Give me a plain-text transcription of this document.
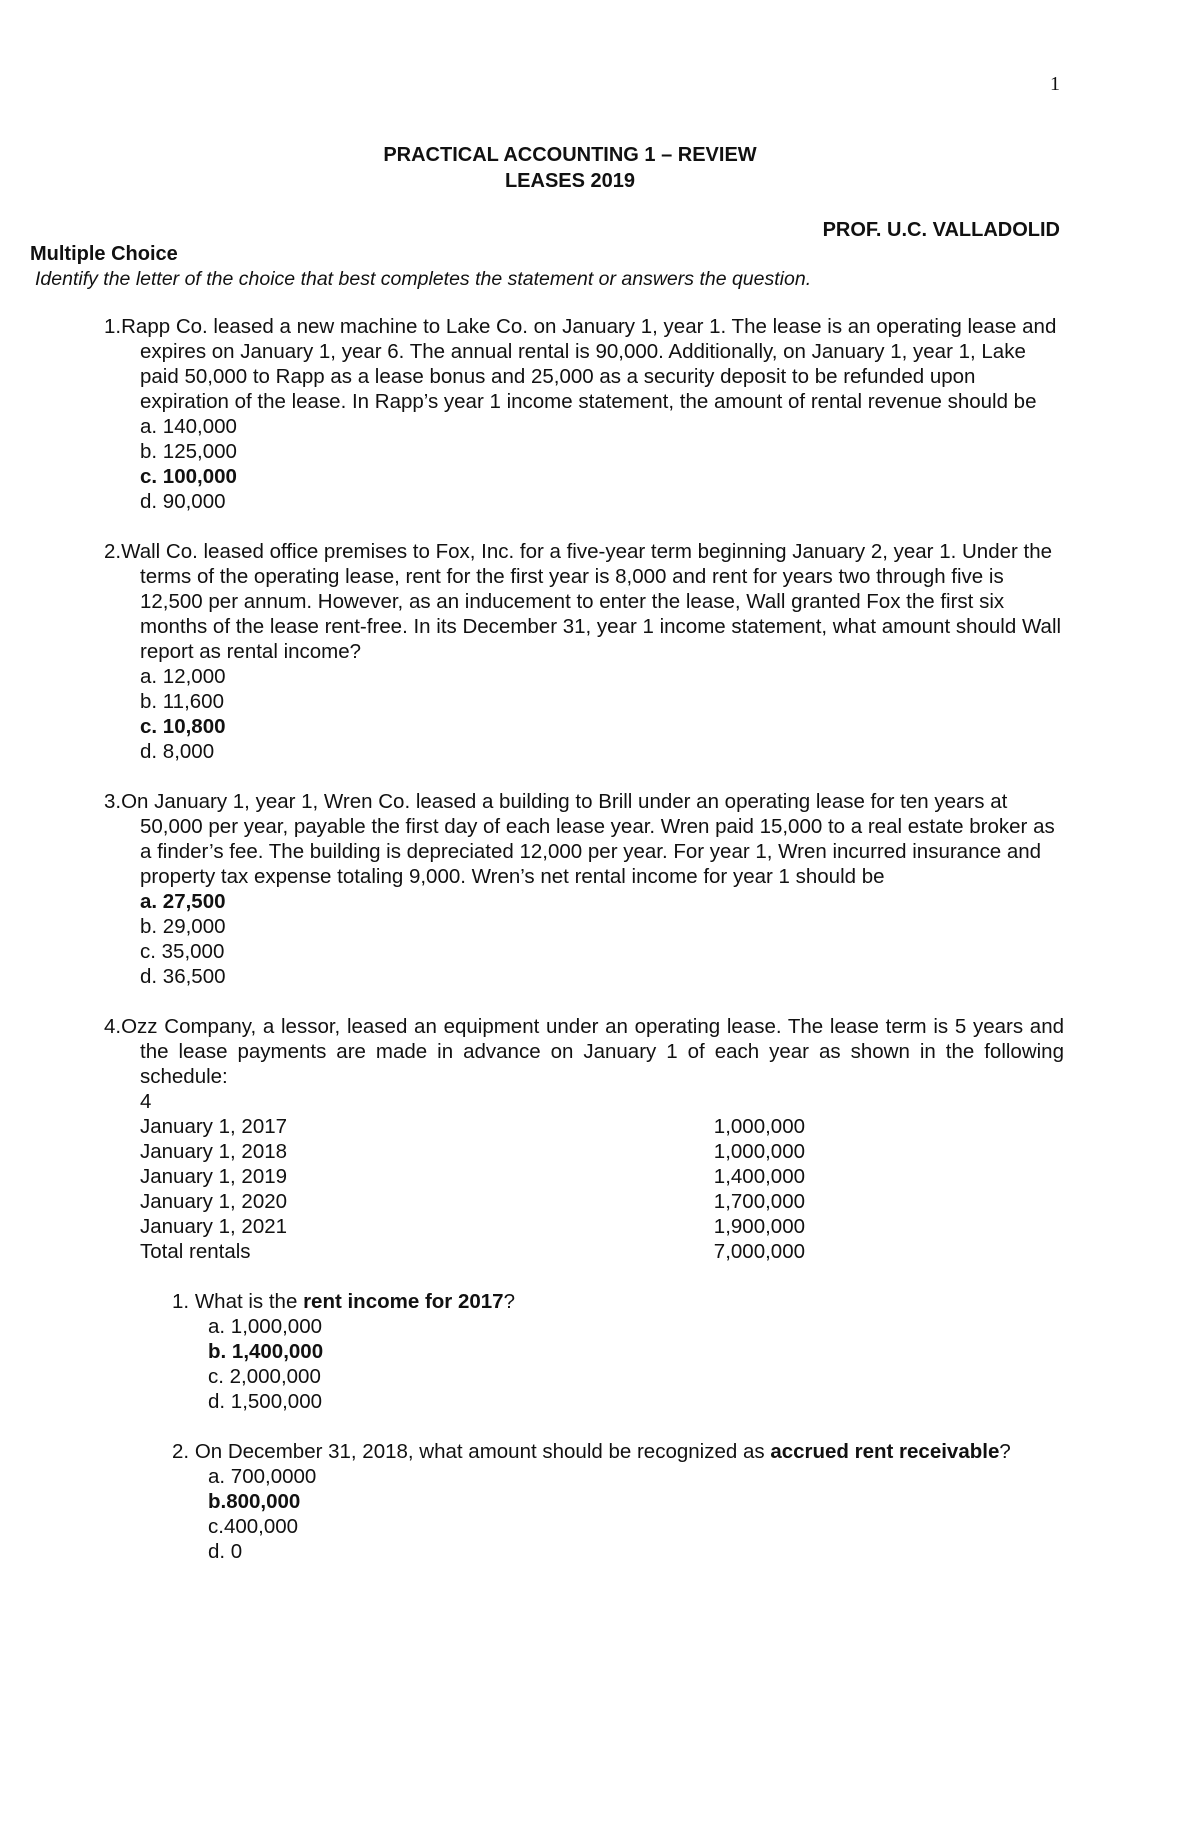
1
PRACTICAL ACCOUNTING 1 – REVIEW
LEASES 2019
PROF. U.C. VALLADOLID
Multiple Choice
Identify the letter of the choice that best completes the statement or answers the question.
1.Rapp Co. leased a new machine to Lake Co. on January 1, year 1. The lease is an operating lease and expires on January 1, year 6. The annual rental is 90,000. Additionally, on January 1, year 1, Lake paid 50,000 to Rapp as a lease bonus and 25,000 as a security deposit to be refunded upon expiration of the lease. In Rapp’s year 1 income statement, the amount of rental revenue should be
a. 140,000
b. 125,000
c. 100,000
d. 90,000
2.Wall Co. leased office premises to Fox, Inc. for a five-year term beginning January 2, year 1. Under the terms of the operating lease, rent for the first year is 8,000 and rent for years two through five is 12,500 per annum. However, as an inducement to enter the lease, Wall granted Fox the first six months of the lease rent-free. In its December 31, year 1 income statement, what amount should Wall report as rental income?
a. 12,000
b. 11,600
c. 10,800
d. 8,000
3.On January 1, year 1, Wren Co. leased a building to Brill under an operating lease for ten years at 50,000 per year, payable the first day of each lease year. Wren paid 15,000 to a real estate broker as a finder’s fee. The building is depreciated 12,000 per year. For year 1, Wren incurred insurance and property tax expense totaling 9,000. Wren’s net rental income for year 1 should be
a. 27,500
b. 29,000
c. 35,000
d. 36,500
4.Ozz Company, a lessor, leased an equipment under an operating lease. The lease term is 5 years and the lease payments are made in advance on January 1 of each year as shown in the following schedule:
4
January 1, 2017	1,000,000
January 1, 2018	1,000,000
January 1, 2019	1,400,000
January 1, 2020	1,700,000
January 1, 2021	1,900,000
Total rentals	7,000,000
1. What is the rent income for 2017?
a. 1,000,000
b. 1,400,000
c. 2,000,000
d. 1,500,000
2. On December 31, 2018, what amount should be recognized as accrued rent receivable?
a. 700,0000
b.800,000
c.400,000
d. 0
